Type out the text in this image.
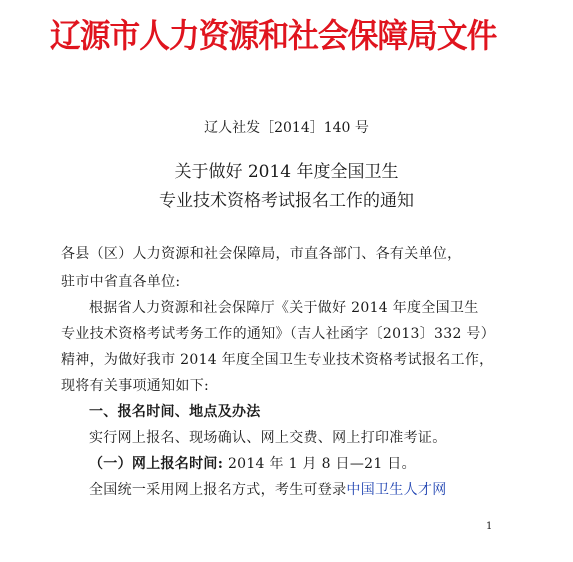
辽源市人力资源和社会保障局文件
辽人社发［2014］140 号
关于做好 2014 年度全国卫生
专业技术资格考试报名工作的通知
各县（区）人力资源和社会保障局，市直各部门、各有关单位，
驻市中省直各单位:
根据省人力资源和社会保障厅《关于做好 2014 年度全国卫生
专业技术资格考试考务工作的通知》（吉人社函字〔2013〕332 号）
精神，为做好我市 2014 年度全国卫生专业技术资格考试报名工作，
现将有关事项通知如下:
一、报名时间、地点及办法
实行网上报名、现场确认、网上交费、网上打印准考证。
（一）网上报名时间: 2014 年 1 月 8 日—21 日。
全国统一采用网上报名方式，考生可登录中国卫生人才网
1
